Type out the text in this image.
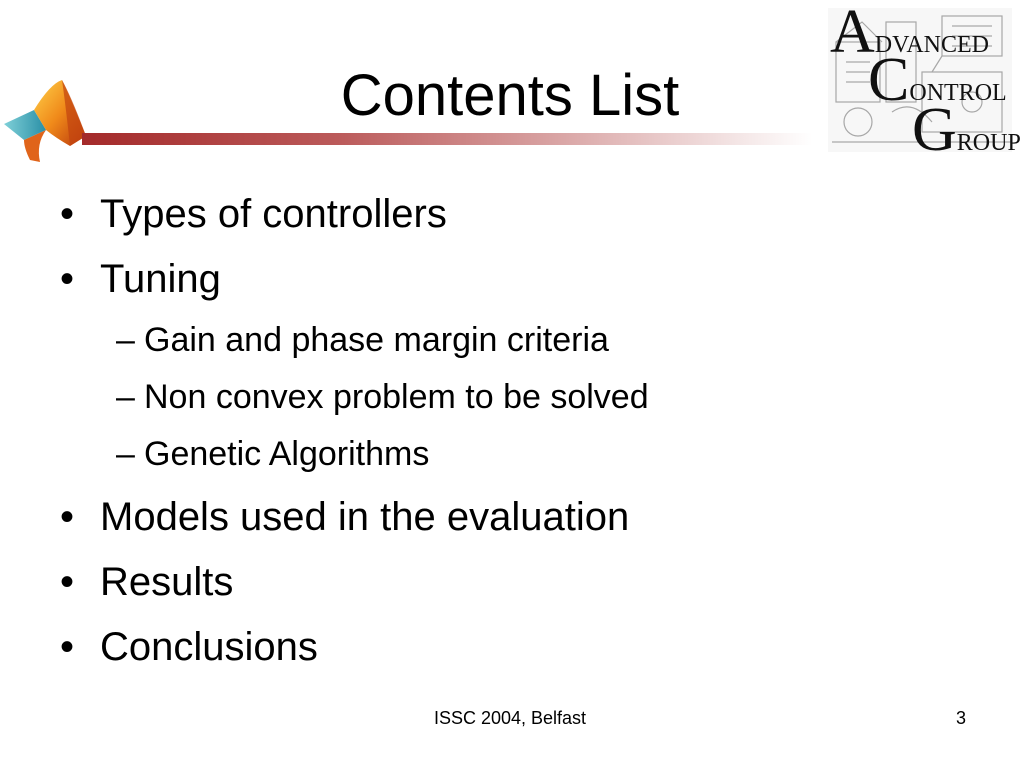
Contents List
ADVANCED
CONTROL
GROUP
• Types of controllers
• Tuning
– Gain and phase margin criteria
– Non convex problem to be solved
– Genetic Algorithms
• Models used in the evaluation
• Results
• Conclusions
ISSC 2004, Belfast	3
